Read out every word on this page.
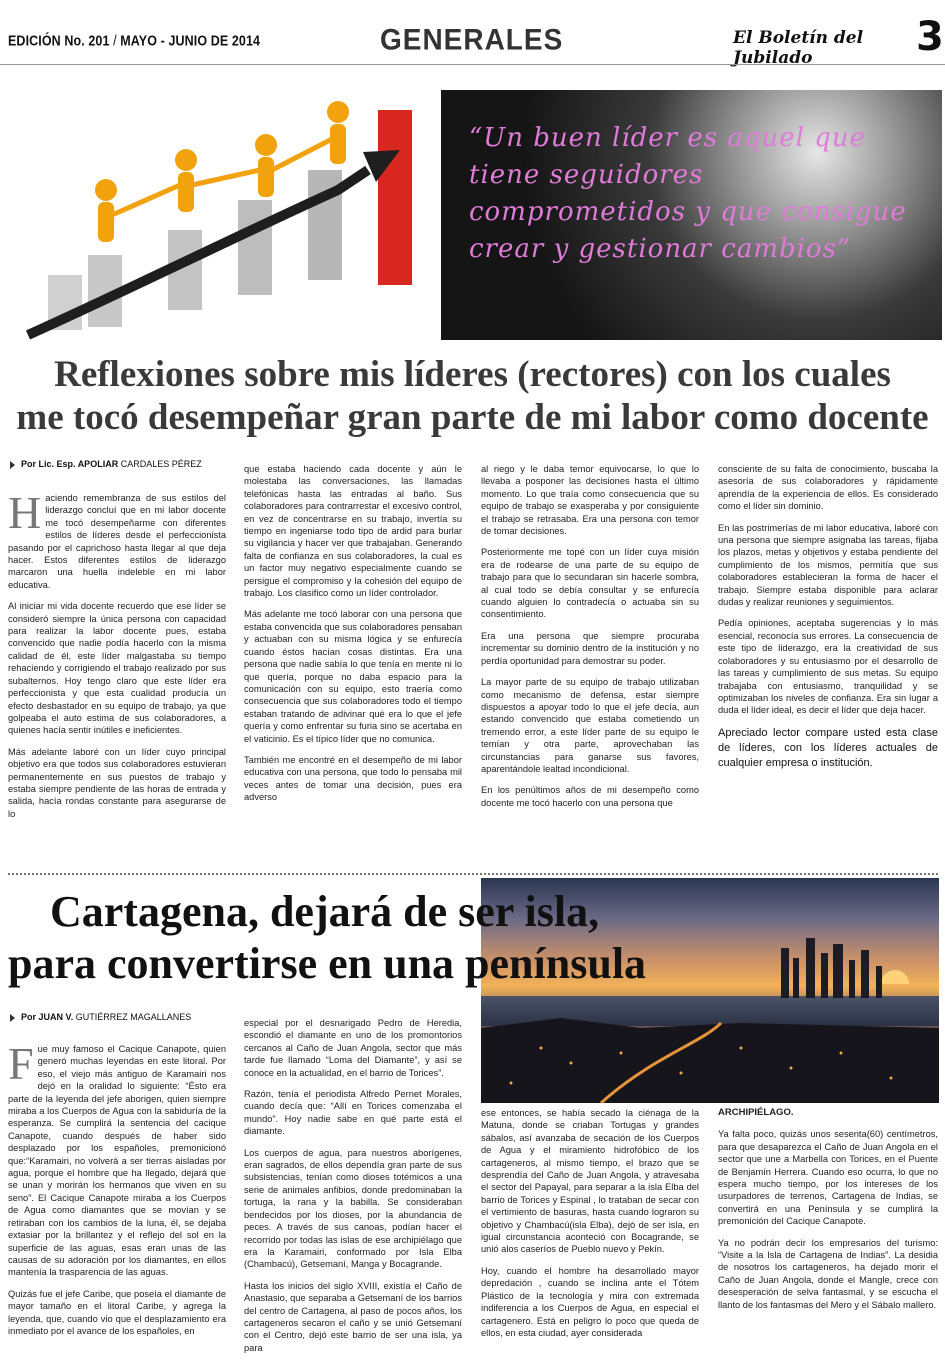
EDICIÓN No. 201 / MAYO - JUNIO DE 2014	GENERALES	El Boletín del Jubilado	3
“Un buen líder es aquel que tiene seguidores comprometidos y que consigue crear y gestionar cambios”
Reflexiones sobre mis líderes (rectores) con los cuales
me tocó desempeñar gran parte de mi labor como docente
Por Lic. Esp. APOLIAR CARDALES PÉREZ

Haciendo remembranza de sus estilos del liderazgo concluí que en mi labor docente me tocó desempeñarme con diferentes estilos de líderes desde el perfeccionista pasando por el caprichoso hasta llegar al que deja hacer. Estos diferentes estilos de liderazgo marcaron una huella indeleble en mi labor educativa.

Al iniciar mi vida docente recuerdo que ese líder se consideró siempre la única persona con capacidad para realizar la labor docente pues, estaba convencido que nadie podía hacerlo con la misma calidad de él, este líder malgastaba su tiempo rehaciendo y corrigiendo el trabajo realizado por sus subalternos. Hoy tengo claro que este líder era perfeccionista y que esta cualidad producía un efecto desbastador en su equipo de trabajo, ya que golpeaba el auto estima de sus colaboradores, a quienes hacía sentir inútiles e ineficientes.

Más adelante laboré con un líder cuyo principal objetivo era que todos sus colaboradores estuvieran permanentemente en sus puestos de trabajo y estaba siempre pendiente de las horas de entrada y salida, hacía rondas constante para asegurarse de lo

que estaba haciendo cada docente y aún le molestaba las conversaciones, las llamadas telefónicas hasta las entradas al baño. Sus colaboradores para contrarrestar el excesivo control, en vez de concentrarse en su trabajo, invertía su tiempo en ingeniarse todo tipo de ardid para burlar su vigilancia y hacer ver que trabajaban. Generando falta de confianza en sus colaboradores, la cual es un factor muy negativo especialmente cuando se persigue el compromiso y la cohesión del equipo de trabajo. Los clasifico como un líder controlador.

Más adelante me tocó laborar con una persona que estaba convencida que sus colaboradores pensaban y actuaban con su misma lógica y se enfurecía cuando éstos hacían cosas distintas. Era una persona que nadie sabía lo que tenía en mente ni lo que quería, porque no daba espacio para la comunicación con su equipo, esto traería como consecuencia que sus colaboradores todo el tiempo estaban tratando de adivinar qué era lo que el jefe quería y como enfrentar su furia sino se acertaba en el vaticinio. Es el típico líder que no comunica.

También me encontré en el desempeño de mi labor educativa con una persona, que todo lo pensaba mil veces antes de tomar una decisión, pues era adverso

al riego y le daba temor equivocarse, lo que lo llevaba a posponer las decisiones hasta el último momento. Lo que traía como consecuencia que su equipo de trabajo se exasperaba y por consiguiente el trabajo se retrasaba. Era una persona con temor de tomar decisiones.

Posteriormente me topé con un líder cuya misión era de rodearse de una parte de su equipo de trabajo para que lo secundaran sin hacerle sombra, al cual todo se debía consultar y se enfurecía cuando alguien lo contradecía o actuaba sin su consentimiento.

Era una persona que siempre procuraba incrementar su dominio dentro de la institución y no perdía oportunidad para demostrar su poder.

La mayor parte de su equipo de trabajo utilizaban como mecanismo de defensa, estar siempre dispuestos a apoyar todo lo que el jefe decía, aun estando convencido que estaba cometiendo un tremendo error, a este líder parte de su equipo le temían y otra parte, aprovechaban las circunstancias para ganarse sus favores, aparentándole lealtad incondicional.

En los penúltimos años de mi desempeño como docente me tocó hacerlo con una persona que

consciente de su falta de conocimiento, buscaba la asesoría de sus colaboradores y rápidamente aprendía de la experiencia de ellos. Es considerado como el líder sin dominio.

En las postrimerías de mi labor educativa, laboré con una persona que siempre asignaba las tareas, fijaba los plazos, metas y objetivos y estaba pendiente del cumplimiento de los mismos, permitía que sus colaboradores establecieran la forma de hacer el trabajo. Siempre estaba disponible para aclarar dudas y realizar reuniones y seguimientos.

Pedía opiniones, aceptaba sugerencias y lo más esencial, reconocía sus errores. La consecuencia de este tipo de liderazgo, era la creatividad de sus colaboradores y su entusiasmo por el desarrollo de las tareas y cumplimiento de sus metas. Su equipo trabajaba con entusiasmo, tranquilidad y se optimizaban los niveles de confianza. Era sin lugar a duda el líder ideal, es decir el líder que deja hacer.

Apreciado lector compare usted esta clase de líderes, con los líderes actuales de cualquier empresa o institución.

Cartagena, dejará de ser isla,
para convertirse en una península
Por JUAN V. GUTIÉRREZ MAGALLANES

Fue muy famoso el Cacique Canapote, quien generó muchas leyendas en este litoral. Por eso, el viejo más antiguo de Karamairi nos dejó en la oralidad lo siguiente: “Ésto era parte de la leyenda del jefe aborigen, quien siempre miraba a los Cuerpos de Agua con la sabiduría de la esperanza. Se cumplirá la sentencia del cacique Canapote, cuando después de haber sido desplazado por los españoles, premonicionó que:“Karamairi, no volverá a ser tierras aisladas por agua, porque el hombre que ha llegado, dejará que se unan y morirán los hermanos que viven en su seno”. El Cacique Canapote miraba a los Cuerpos de Agua como diamantes que se movían y se retiraban con los cambios de la luna, él, se dejaba extasiar por la brillantez y el reflejo del sol en la superficie de las aguas, esas eran unas de las causas de su adoración por los diamantes, en ellos mantenía la trasparencia de las aguas.

Quizás fue el jefe Caribe, que poseía el diamante de mayor tamaño en el litoral Caribe, y agrega la leyenda, que, cuando vio que el desplazamiento era inmediato por el avance de los españoles, en

especial por el desnarigado Pedro de Heredia, escondió el diamante en uno de los promontorios cercanos al Caño de Juan Angola, sector que más tarde fue llamado “Loma del Diamante”, y así se conoce en la actualidad, en el barrio de Torices”.

Razón, tenía el periodista Alfredo Pernet Morales, cuando decía que: “Allí en Torices comenzaba el mundo”. Hoy nadie sabe en qué parte está el diamante.

Los cuerpos de agua, para nuestros aborígenes, eran sagrados, de ellos dependía gran parte de sus subsistencias, tenían como dioses totémicos a una serie de animales anfibios, donde predominaban la tortuga, la rana y la babilla. Se consideraban bendecidos por los dioses, por la abundancia de peces. A través de sus canoas, podían hacer el recorrido por todas las islas de ese archipiélago que era la Karamairi, conformado por Isla Elba (Chambacú), Getsemaní, Manga y Bocagrande.

Hasta los inicios del siglo XVIII, existía el Caño de Anastasio, que separaba a Getsemaní de los barrios del centro de Cartagena, al paso de pocos años, los cartageneros secaron el caño y se unió Getsemaní con el Centro, dejó este barrio de ser una isla, ya para

ese entonces, se había secado la ciénaga de la Matuna, donde se criaban Tortugas y grandes sábalos, así avanzaba de secación de los Cuerpos de Agua y el miramiento hidrofóbico de los cartageneros, al mismo tiempo, el brazo que se desprendía del Caño de Juan Angola, y atravesaba el sector del Papayal, para separar a la isla Elba del barrio de Torices y Espinal , lo trataban de secar con el vertimiento de basuras, hasta cuando lograron su objetivo y Chambacú(isla Elba), dejó de ser isla, en igual circunstancia aconteció con Bocagrande, se unió alos caseríos de Pueblo nuevo y Pekín.

Hoy, cuando el hombre ha desarrollado mayor depredación , cuando se inclina ante el Tótem Plástico de la tecnología y mira con extremada indiferencia a los Cuerpos de Agua, en especial el cartagenero. Está en peligro lo poco que queda de ellos, en esta ciudad, ayer considerada

ARCHIPIÉLAGO.

Ya falta poco, quizás unos sesenta(60) centímetros, para que desaparezca el Caño de Juan Angola en el sector que une a Marbella con Torices, en el Puente de Benjamín Herrera. Cuando eso ocurra, lo que no espera mucho tiempo, por los intereses de los usurpadores de terrenos, Cartagena de Indias, se convertirá en una Península y se cumplirá la premonición del Cacique Canapote.

Ya no podrán decir los empresarios del turismo: “Visite a la Isla de Cartagena de Indias”. La desidia de nosotros los cartageneros, ha dejado morir el Caño de Juan Angola, donde el Mangle, crece con desesperación de selva fantasmal, y se escucha el llanto de los fantasmas del Mero y el Sábalo mallero.
